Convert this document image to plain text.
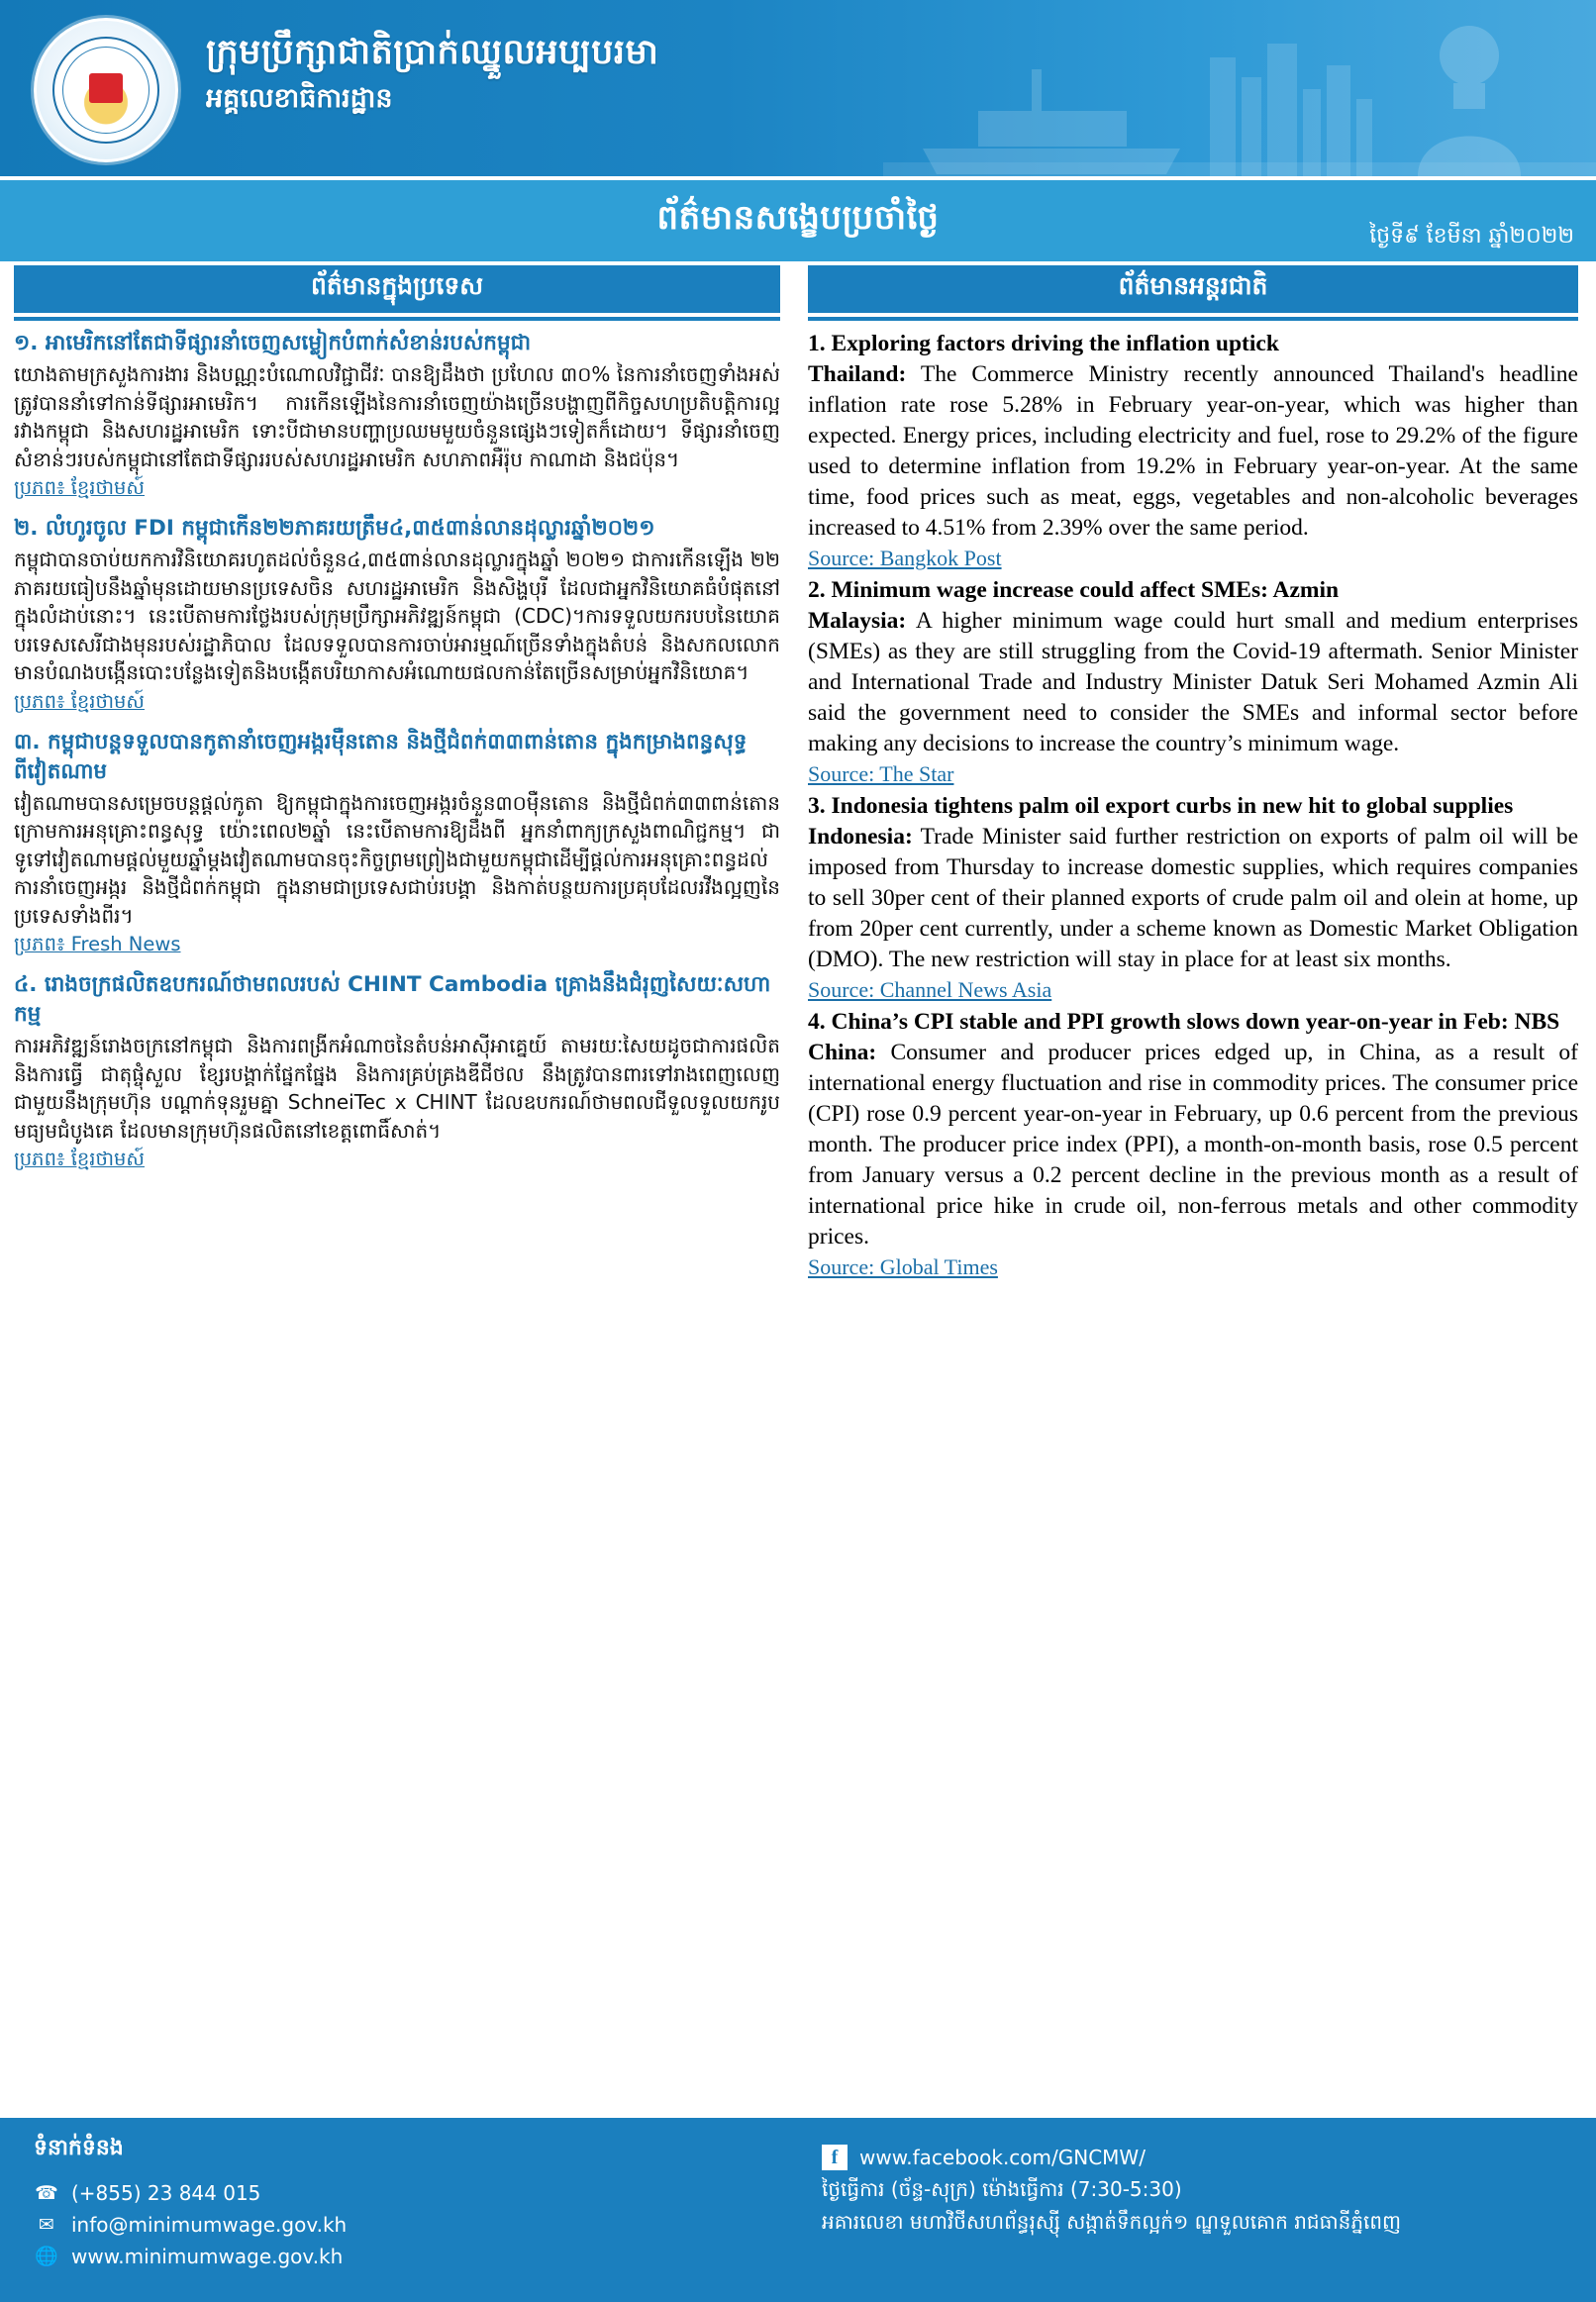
ក្រុមប្រឹក្សាជាតិប្រាក់ឈ្នួលអប្បបរមា
អគ្គលេខាធិការដ្ឋាន
ព័ត៌មានសង្ខេបប្រចាំថ្ងៃ	ថ្ងៃទី៩ ខែមីនា ឆ្នាំ២០២២
ព័ត៌មានក្នុងប្រទេស
១. អាមេរិកនៅតែជាទីផ្សារនាំចេញសម្លៀកបំពាក់សំខាន់របស់កម្ពុជា
យោងតាមក្រសួងការងារ និងបណ្ណះបំណោលវិជ្ជាជីវៈ បានឱ្យដឹងថា ប្រហែល ៣០% នៃការនាំចេញទាំងអស់ត្រូវបាននាំទៅកាន់ទីផ្សារអាមេរិក។ ការកើនឡើងនៃការនាំចេញយ៉ាងច្រើនបង្ហាញពីកិច្ចសហប្រតិបត្តិការល្អរវាងកម្ពុជា និងសហរដ្ឋអាមេរិក ទោះបីជាមានបញ្ហាប្រឈមមួយចំនួនផ្សេងៗទៀតក៏ដោយ។ ទីផ្សារនាំចេញសំខាន់ៗរបស់កម្ពុជានៅតែជាទីផ្សាររបស់សហរដ្ឋអាមេរិក សហភាពអឺរ៉ុប កាណាដា និងជប៉ុន។
ប្រភព៖ ខ្មែរថាមស៍
២. លំហូរចូល FDI កម្ពុជាកើន២២ភាគរយត្រឹម៤,៣៥៣ាន់លានដុល្លារឆ្នាំ២០២១
កម្ពុជាបានចាប់យកការវិនិយោគរហូតដល់ចំនួន៤,៣៥៣ាន់លានដុល្លារក្នុងឆ្នាំ ២០២១ ជាការកើនឡើង ២២ ភាគរយធៀបនឹងឆ្នាំមុនដោយមានប្រទេសចិន សហរដ្ឋអាមេរិក និងសិង្ហបុរី ដែលជាអ្នកវិនិយោគធំបំផុតនៅក្នុងលំដាប់នោះ។ នេះបើតាមការថ្លែងរបស់ក្រុមប្រឹក្សាអភិវឌ្ឍន៍កម្ពុជា (CDC)។ការទទួលយករបបនៃយោគបរទេសសេរីជាងមុនរបស់រដ្ឋាភិបាល ដែលទទួលបានការចាប់អារម្មណ៍ច្រើនទាំងក្នុងតំបន់ និងសកលលោក មានបំណងបង្កើនបោះបន្លែងទៀតនិងបង្កើតបរិយាកាសអំណោយផលកាន់តែច្រើនសម្រាប់អ្នកវិនិយោគ។
ប្រភព៖ ខ្មែរថាមស៍
៣. កម្ពុជាបន្តទទួលបានកូតានាំចេញអង្ករម៉ឺនតោន និងថ្មីជំពក់៣៣ពាន់តោន ក្នុងកម្រាងពន្ធសុទ្ធ ពីវៀតណាម
វៀតណាមបានសម្រេចបន្តផ្តល់កូតា ឱ្យកម្ពុជាក្នុងការចេញអង្ករចំនួន៣០ម៉ឺនតោន និងថ្មីជំពក់៣៣ពាន់តោន ក្រោមការអនុគ្រោះពន្ធសុទ្ធ យ៉ោះពេល២ឆ្នាំ នេះបើតាមការឱ្យដឹងពី អ្នកនាំពាក្យក្រសួងពាណិជ្ជកម្ម។ ជាទូទៅវៀតណាមផ្តល់មួយឆ្នាំម្តងវៀតណាមបានចុះកិច្ចព្រមព្រៀងជាមួយកម្ពុជាដើម្បីផ្តល់ការអនុគ្រោះពន្ធដល់ការនាំចេញអង្ករ និងថ្មីជំពក់កម្ពុជា ក្នុងនាមជាប្រទេសជាប់របង្គា និងកាត់បន្ថយការប្រគុបដែលរវីងល្អញនៃប្រទេសទាំងពីរ។
ប្រភព៖ Fresh News
៤. រោងចក្រផលិតឧបករណ៍ថាមពលរបស់ CHINT Cambodia គ្រោងនឹងជំរុញសៃយៈសហាកម្ម
ការអភិវឌ្ឍន៍រោងចក្រនៅកម្ពុជា និងការពង្រីកអំណាចនៃតំបន់អាស៊ីអាគ្នេយ៍ តាមរយៈសៃយដូចជាការផលិត និងការធ្វើ ជាតុផ្ចុំសួល ខ្សែរបង្គាក់ផ្នែកផ្នែង និងការគ្រប់គ្រងឌីជីថល នឹងត្រូវបានពារទៅរាងពេញលេញជាមួយនឹងក្រុមហ៊ុន បណ្តាក់ទុនរួមគ្នា SchneiTec x CHINT ដែលឧបករណ៍ថាមពលជីទួលទួលយករូបមធ្យមជំបូងគេ ដែលមានក្រុមហ៊ុនផលិតនៅខេត្តពោធិ៍សាត់។
ប្រភព៖ ខ្មែរថាមស៍
ព័ត៌មានអន្តរជាតិ
1. Exploring factors driving the inflation uptick

Thailand: The Commerce Ministry recently announced Thailand's headline inflation rate rose 5.28% in February year-on-year, which was higher than expected. Energy prices, including electricity and fuel, rose to 29.2% of the figure used to determine inflation from 19.2% in February year-on-year. At the same time, food prices such as meat, eggs, vegetables and non-alcoholic beverages increased to 4.51% from 2.39% over the same period.

Source: Bangkok Post
2. Minimum wage increase could affect SMEs: Azmin

Malaysia: A higher minimum wage could hurt small and medium enterprises (SMEs) as they are still struggling from the Covid-19 aftermath. Senior Minister and International Trade and Industry Minister Datuk Seri Mohamed Azmin Ali said the government need to consider the SMEs and informal sector before making any decisions to increase the country’s minimum wage.

Source: The Star
3. Indonesia tightens palm oil export curbs in new hit to global supplies

Indonesia: Trade Minister said further restriction on exports of palm oil will be imposed from Thursday to increase domestic supplies, which requires companies to sell 30per cent of their planned exports of crude palm oil and olein at home, up from 20per cent currently, under a scheme known as Domestic Market Obligation (DMO). The new restriction will stay in place for at least six months.

Source: Channel News Asia
4. China’s CPI stable and PPI growth slows down year-on-year in Feb: NBS

China: Consumer and producer prices edged up, in China, as a result of international energy fluctuation and rise in commodity prices. The consumer price (CPI) rose 0.9 percent year-on-year in February, up 0.6 percent from the previous month. The producer price index (PPI), a month-on-month basis, rose 0.5 percent from January versus a 0.2 percent decline in the previous month as a result of international price hike in crude oil, non-ferrous metals and other commodity prices.

Source: Global Times
ទំនាក់ទំនង
☎ (+855) 23 844 015
✉ info@minimumwage.gov.kh
🌐 www.minimumwage.gov.kh
f	www.facebook.com/GNCMW/
ថ្ងៃធ្វើការ (ច័ន្ទ-សុក្រ) ម៉ោងធ្វើការ (7:30-5:30)
អគារលេខា មហាវិថីសហព័ន្ធរុស្ស៊ី សង្កាត់ទឹកល្អក់១ ណ្ឌទួលគោក រាជធានីភ្នំពេញ
